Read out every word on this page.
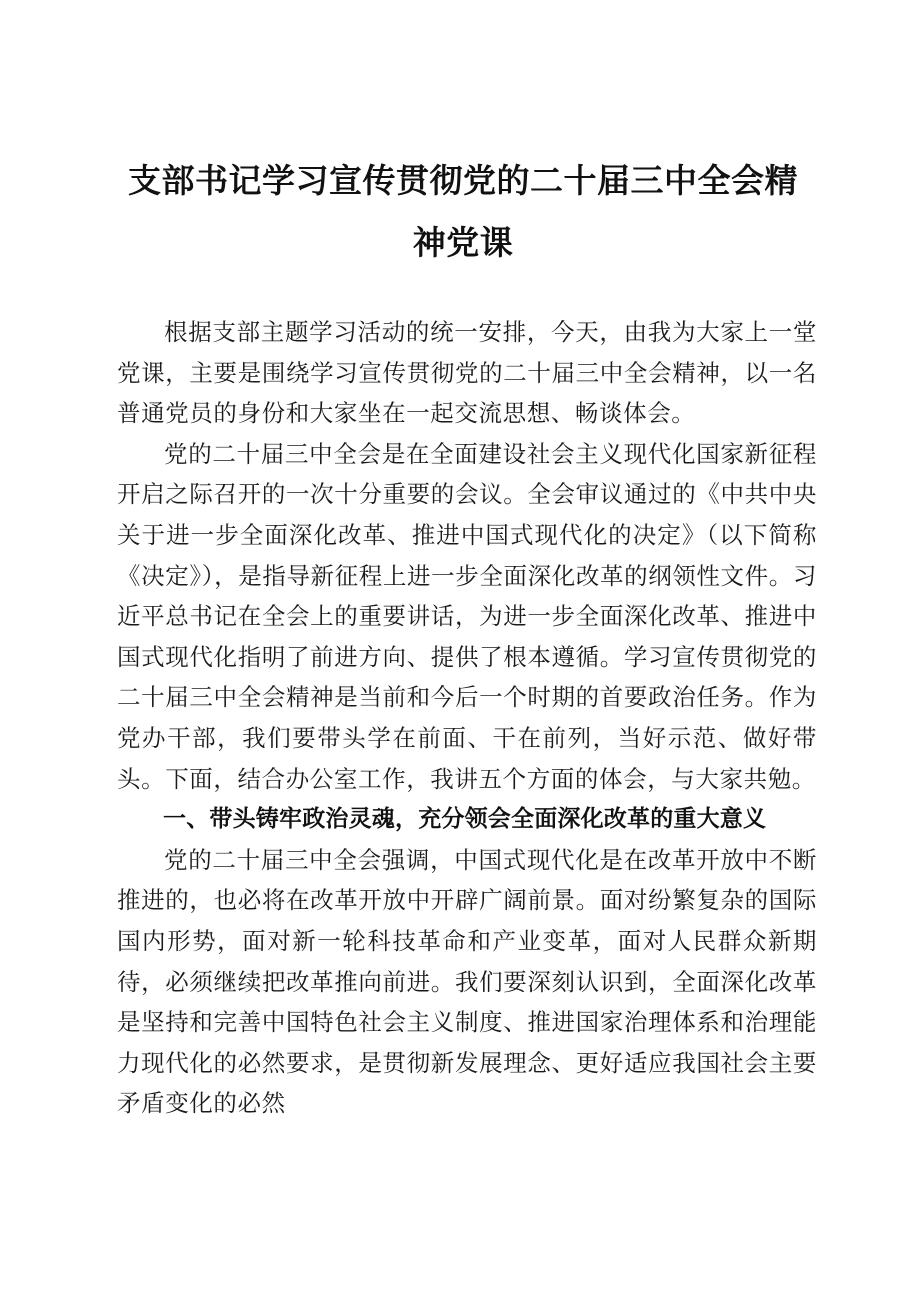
支部书记学习宣传贯彻党的二十届三中全会精神党课

根据支部主题学习活动的统一安排，今天，由我为大家上一堂党课，主要是围绕学习宣传贯彻党的二十届三中全会精神，以一名普通党员的身份和大家坐在一起交流思想、畅谈体会。

党的二十届三中全会是在全面建设社会主义现代化国家新征程开启之际召开的一次十分重要的会议。全会审议通过的《中共中央关于进一步全面深化改革、推进中国式现代化的决定》（以下简称《决定》），是指导新征程上进一步全面深化改革的纲领性文件。习近平总书记在全会上的重要讲话，为进一步全面深化改革、推进中国式现代化指明了前进方向、提供了根本遵循。学习宣传贯彻党的二十届三中全会精神是当前和今后一个时期的首要政治任务。作为党办干部，我们要带头学在前面、干在前列，当好示范、做好带头。下面，结合办公室工作，我讲五个方面的体会，与大家共勉。

一、带头铸牢政治灵魂，充分领会全面深化改革的重大意义

党的二十届三中全会强调，中国式现代化是在改革开放中不断推进的，也必将在改革开放中开辟广阔前景。面对纷繁复杂的国际国内形势，面对新一轮科技革命和产业变革，面对人民群众新期待，必须继续把改革推向前进。我们要深刻认识到，全面深化改革是坚持和完善中国特色社会主义制度、推进国家治理体系和治理能力现代化的必然要求，是贯彻新发展理念、更好适应我国社会主要矛盾变化的必然
